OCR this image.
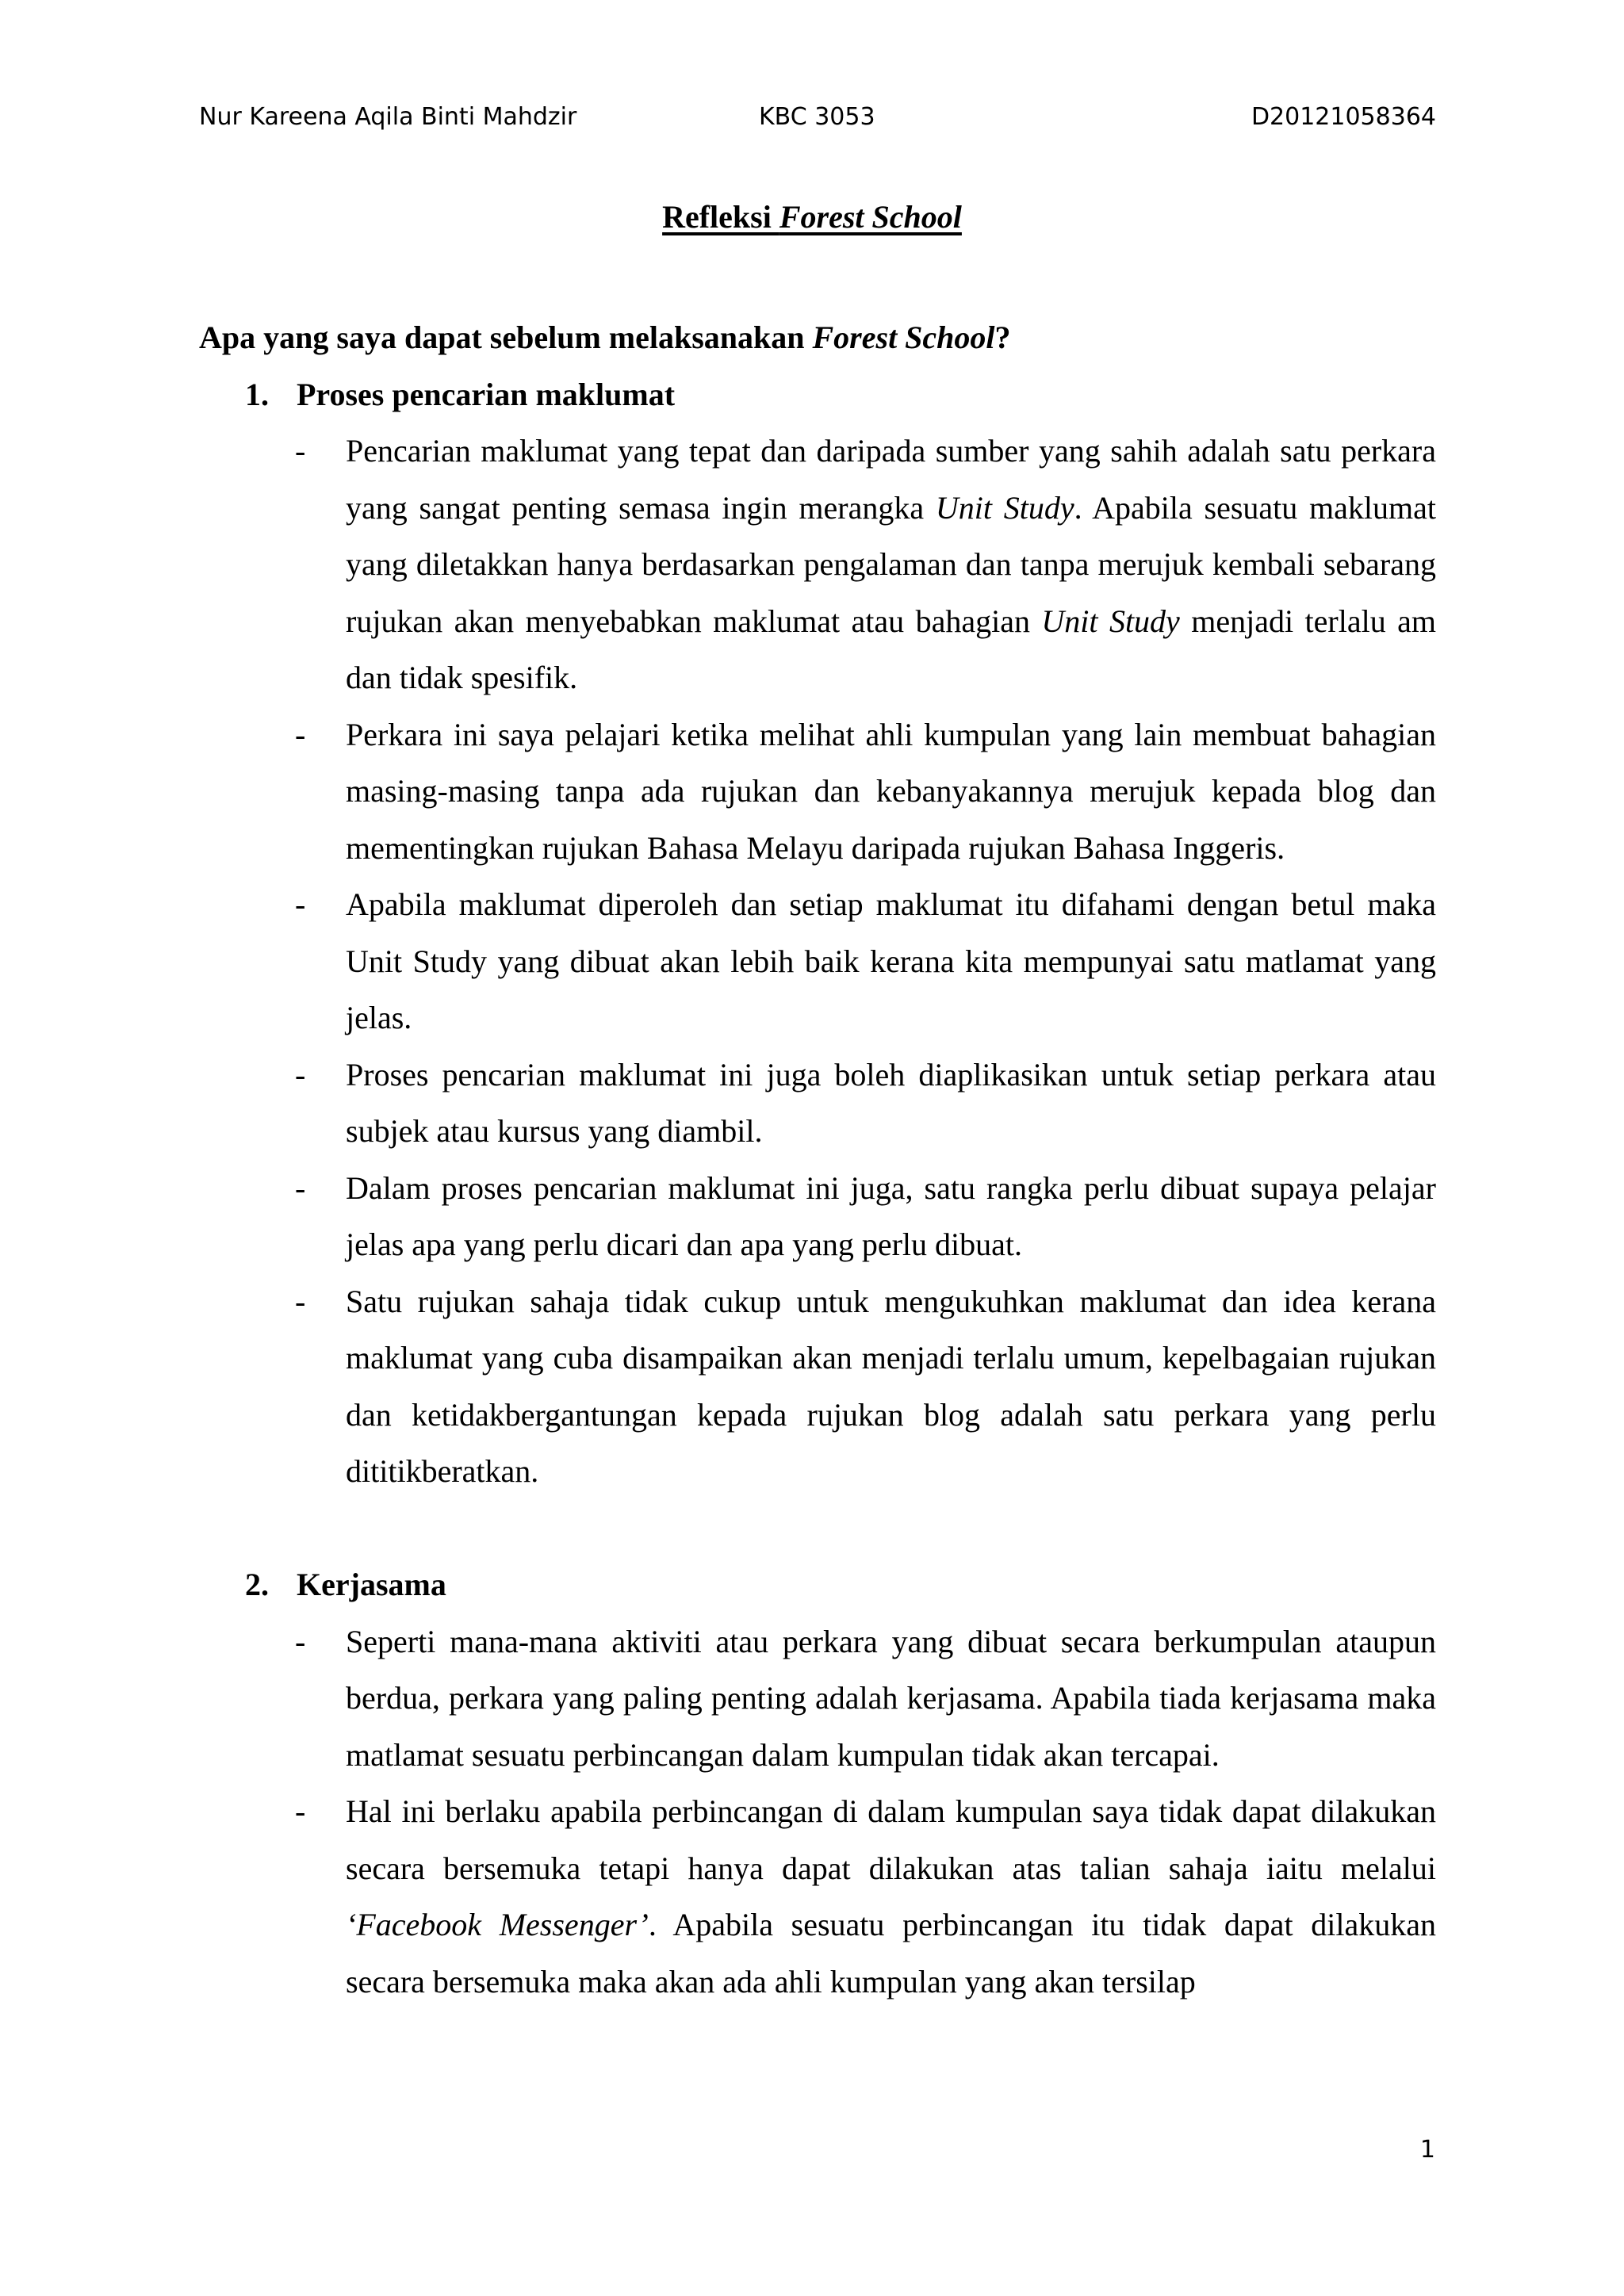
Nur Kareena Aqila Binti Mahdzir	KBC 3053	D20121058364
Refleksi Forest School

Apa yang saya dapat sebelum melaksanakan Forest School?

1. Proses pencarian maklumat
- Pencarian maklumat yang tepat dan daripada sumber yang sahih adalah satu perkara yang sangat penting semasa ingin merangka Unit Study. Apabila sesuatu maklumat yang diletakkan hanya berdasarkan pengalaman dan tanpa merujuk kembali sebarang rujukan akan menyebabkan maklumat atau bahagian Unit Study menjadi terlalu am dan tidak spesifik.
- Perkara ini saya pelajari ketika melihat ahli kumpulan yang lain membuat bahagian masing-masing tanpa ada rujukan dan kebanyakannya merujuk kepada blog dan mementingkan rujukan Bahasa Melayu daripada rujukan Bahasa Inggeris.
- Apabila maklumat diperoleh dan setiap maklumat itu difahami dengan betul maka Unit Study yang dibuat akan lebih baik kerana kita mempunyai satu matlamat yang jelas.
- Proses pencarian maklumat ini juga boleh diaplikasikan untuk setiap perkara atau subjek atau kursus yang diambil.
- Dalam proses pencarian maklumat ini juga, satu rangka perlu dibuat supaya pelajar jelas apa yang perlu dicari dan apa yang perlu dibuat.
- Satu rujukan sahaja tidak cukup untuk mengukuhkan maklumat dan idea kerana maklumat yang cuba disampaikan akan menjadi terlalu umum, kepelbagaian rujukan dan ketidakbergantungan kepada rujukan blog adalah satu perkara yang perlu dititikberatkan.
2. Kerjasama
- Seperti mana-mana aktiviti atau perkara yang dibuat secara berkumpulan ataupun berdua, perkara yang paling penting adalah kerjasama. Apabila tiada kerjasama maka matlamat sesuatu perbincangan dalam kumpulan tidak akan tercapai.
- Hal ini berlaku apabila perbincangan di dalam kumpulan saya tidak dapat dilakukan secara bersemuka tetapi hanya dapat dilakukan atas talian sahaja iaitu melalui ‘Facebook Messenger’. Apabila sesuatu perbincangan itu tidak dapat dilakukan secara bersemuka maka akan ada ahli kumpulan yang akan tersilap
1
